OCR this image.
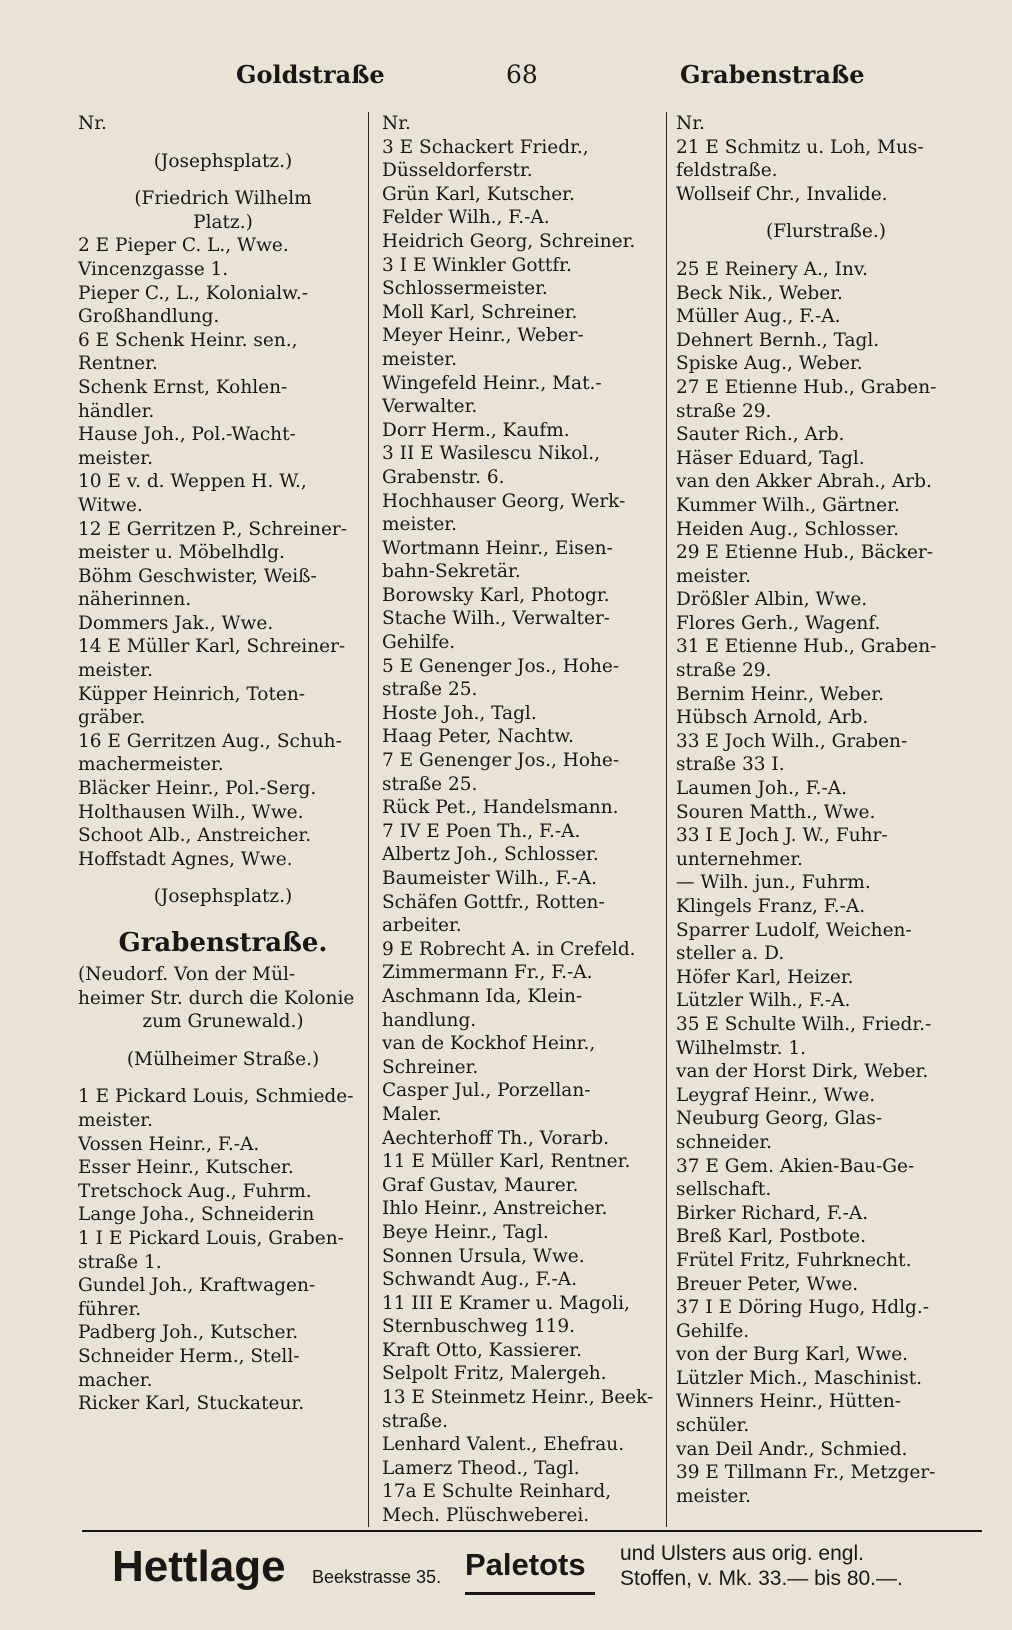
Goldstraße	68	Grabenstraße
Nr.
(Josephsplatz.)
(Friedrich Wilhelm
Platz.)
2 E Pieper C. L., Wwe.
Vincenzgasse 1.
Pieper C., L., Kolonialw.-
Großhandlung.
6 E Schenk Heinr. sen.,
Rentner.
Schenk Ernst, Kohlen-
händler.
Hause Joh., Pol.-Wacht-
meister.
10 E v. d. Weppen H. W.,
Witwe.
12 E Gerritzen P., Schreiner-
meister u. Möbelhdlg.
Böhm Geschwister, Weiß-
näherinnen.
Dommers Jak., Wwe.
14 E Müller Karl, Schreiner-
meister.
Küpper Heinrich, Toten-
gräber.
16 E Gerritzen Aug., Schuh-
machermeister.
Bläcker Heinr., Pol.-Serg.
Holthausen Wilh., Wwe.
Schoot Alb., Anstreicher.
Hoffstadt Agnes, Wwe.
(Josephsplatz.)
Grabenstraße.
(Neudorf. Von der Mül-
heimer Str. durch die Kolonie
zum Grunewald.)
(Mülheimer Straße.)
1 E Pickard Louis, Schmiede-
meister.
Vossen Heinr., F.-A.
Esser Heinr., Kutscher.
Tretschock Aug., Fuhrm.
Lange Joha., Schneiderin
1 I E Pickard Louis, Graben-
straße 1.
Gundel Joh., Kraftwagen-
führer.
Padberg Joh., Kutscher.
Schneider Herm., Stell-
macher.
Ricker Karl, Stuckateur.
Nr.
3 E Schackert Friedr.,
Düsseldorferstr.
Grün Karl, Kutscher.
Felder Wilh., F.-A.
Heidrich Georg, Schreiner.
3 I E Winkler Gottfr.
Schlossermeister.
Moll Karl, Schreiner.
Meyer Heinr., Weber-
meister.
Wingefeld Heinr., Mat.-
Verwalter.
Dorr Herm., Kaufm.
3 II E Wasilescu Nikol.,
Grabenstr. 6.
Hochhauser Georg, Werk-
meister.
Wortmann Heinr., Eisen-
bahn-Sekretär.
Borowsky Karl, Photogr.
Stache Wilh., Verwalter-
Gehilfe.
5 E Genenger Jos., Hohe-
straße 25.
Hoste Joh., Tagl.
Haag Peter, Nachtw.
7 E Genenger Jos., Hohe-
straße 25.
Rück Pet., Handelsmann.
7 IV E Poen Th., F.-A.
Albertz Joh., Schlosser.
Baumeister Wilh., F.-A.
Schäfen Gottfr., Rotten-
arbeiter.
9 E Robrecht A. in Crefeld.
Zimmermann Fr., F.-A.
Aschmann Ida, Klein-
handlung.
van de Kockhof Heinr.,
Schreiner.
Casper Jul., Porzellan-
Maler.
Aechterhoff Th., Vorarb.
11 E Müller Karl, Rentner.
Graf Gustav, Maurer.
Ihlo Heinr., Anstreicher.
Beye Heinr., Tagl.
Sonnen Ursula, Wwe.
Schwandt Aug., F.-A.
11 III E Kramer u. Magoli,
Sternbuschweg 119.
Kraft Otto, Kassierer.
Selpolt Fritz, Malergeh.
13 E Steinmetz Heinr., Beek-
straße.
Lenhard Valent., Ehefrau.
Lamerz Theod., Tagl.
17a E Schulte Reinhard,
Mech. Plüschweberei.
Nr.
21 E Schmitz u. Loh, Mus-
feldstraße.
Wollseif Chr., Invalide.
(Flurstraße.)
25 E Reinery A., Inv.
Beck Nik., Weber.
Müller Aug., F.-A.
Dehnert Bernh., Tagl.
Spiske Aug., Weber.
27 E Etienne Hub., Graben-
straße 29.
Sauter Rich., Arb.
Häser Eduard, Tagl.
van den Akker Abrah., Arb.
Kummer Wilh., Gärtner.
Heiden Aug., Schlosser.
29 E Etienne Hub., Bäcker-
meister.
Drößler Albin, Wwe.
Flores Gerh., Wagenf.
31 E Etienne Hub., Graben-
straße 29.
Bernim Heinr., Weber.
Hübsch Arnold, Arb.
33 E Joch Wilh., Graben-
straße 33 I.
Laumen Joh., F.-A.
Souren Matth., Wwe.
33 I E Joch J. W., Fuhr-
unternehmer.
— Wilh. jun., Fuhrm.
Klingels Franz, F.-A.
Sparrer Ludolf, Weichen-
steller a. D.
Höfer Karl, Heizer.
Lützler Wilh., F.-A.
35 E Schulte Wilh., Friedr.-
Wilhelmstr. 1.
van der Horst Dirk, Weber.
Leygraf Heinr., Wwe.
Neuburg Georg, Glas-
schneider.
37 E Gem. Akien-Bau-Ge-
sellschaft.
Birker Richard, F.-A.
Breß Karl, Postbote.
Frütel Fritz, Fuhrknecht.
Breuer Peter, Wwe.
37 I E Döring Hugo, Hdlg.-
Gehilfe.
von der Burg Karl, Wwe.
Lützler Mich., Maschinist.
Winners Heinr., Hütten-
schüler.
van Deil Andr., Schmied.
39 E Tillmann Fr., Metzger-
meister.
Hettlage Beekstrasse 35. Paletots und Ulsters aus orig. engl.
Stoffen, v. Mk. 33.— bis 80.—.
